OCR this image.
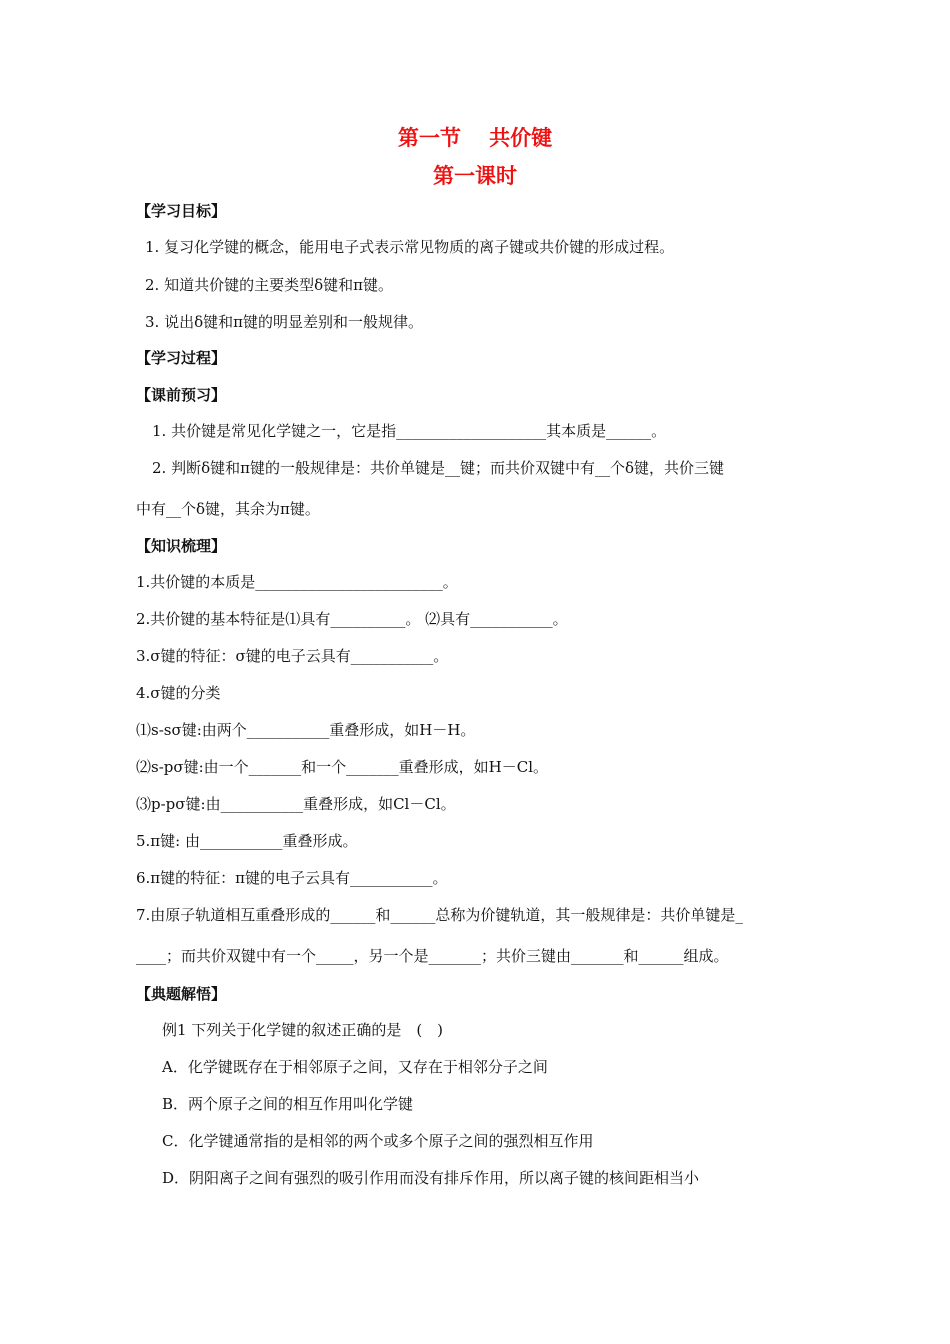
第一节　 共价键
第一课时
【学习目标】
1. 复习化学键的概念，能用电子式表示常见物质的离子键或共价键的形成过程。
2. 知道共价键的主要类型δ键和π键。
3. 说出δ键和π键的明显差别和一般规律。
【学习过程】
【课前预习】
1. 共价键是常见化学键之一，它是指____________________其本质是______。
2. 判断δ键和π键的一般规律是：共价单键是__键；而共价双键中有__个δ键，共价三键
中有__个δ键，其余为π键。
【知识梳理】
1.共价键的本质是_________________________。
2.共价键的基本特征是⑴具有__________。 ⑵具有___________。
3.σ键的特征：σ键的电子云具有___________。
4.σ键的分类
⑴s-sσ键:由两个___________重叠形成，如H－H。
⑵s-pσ键:由一个_______和一个_______重叠形成，如H－Cl。
⑶p-pσ键:由___________重叠形成，如Cl－Cl。
5.π键: 由___________重叠形成。
6.π键的特征：π键的电子云具有___________。
7.由原子轨道相互重叠形成的______和______总称为价键轨道，其一般规律是：共价单键是_
____；而共价双键中有一个_____，另一个是_______；共价三键由_______和______组成。
【典题解悟】
例1 下列关于化学键的叙述正确的是　(　)
A．化学键既存在于相邻原子之间，又存在于相邻分子之间
B．两个原子之间的相互作用叫化学键
C．化学键通常指的是相邻的两个或多个原子之间的强烈相互作用
D．阴阳离子之间有强烈的吸引作用而没有排斥作用，所以离子键的核间距相当小
